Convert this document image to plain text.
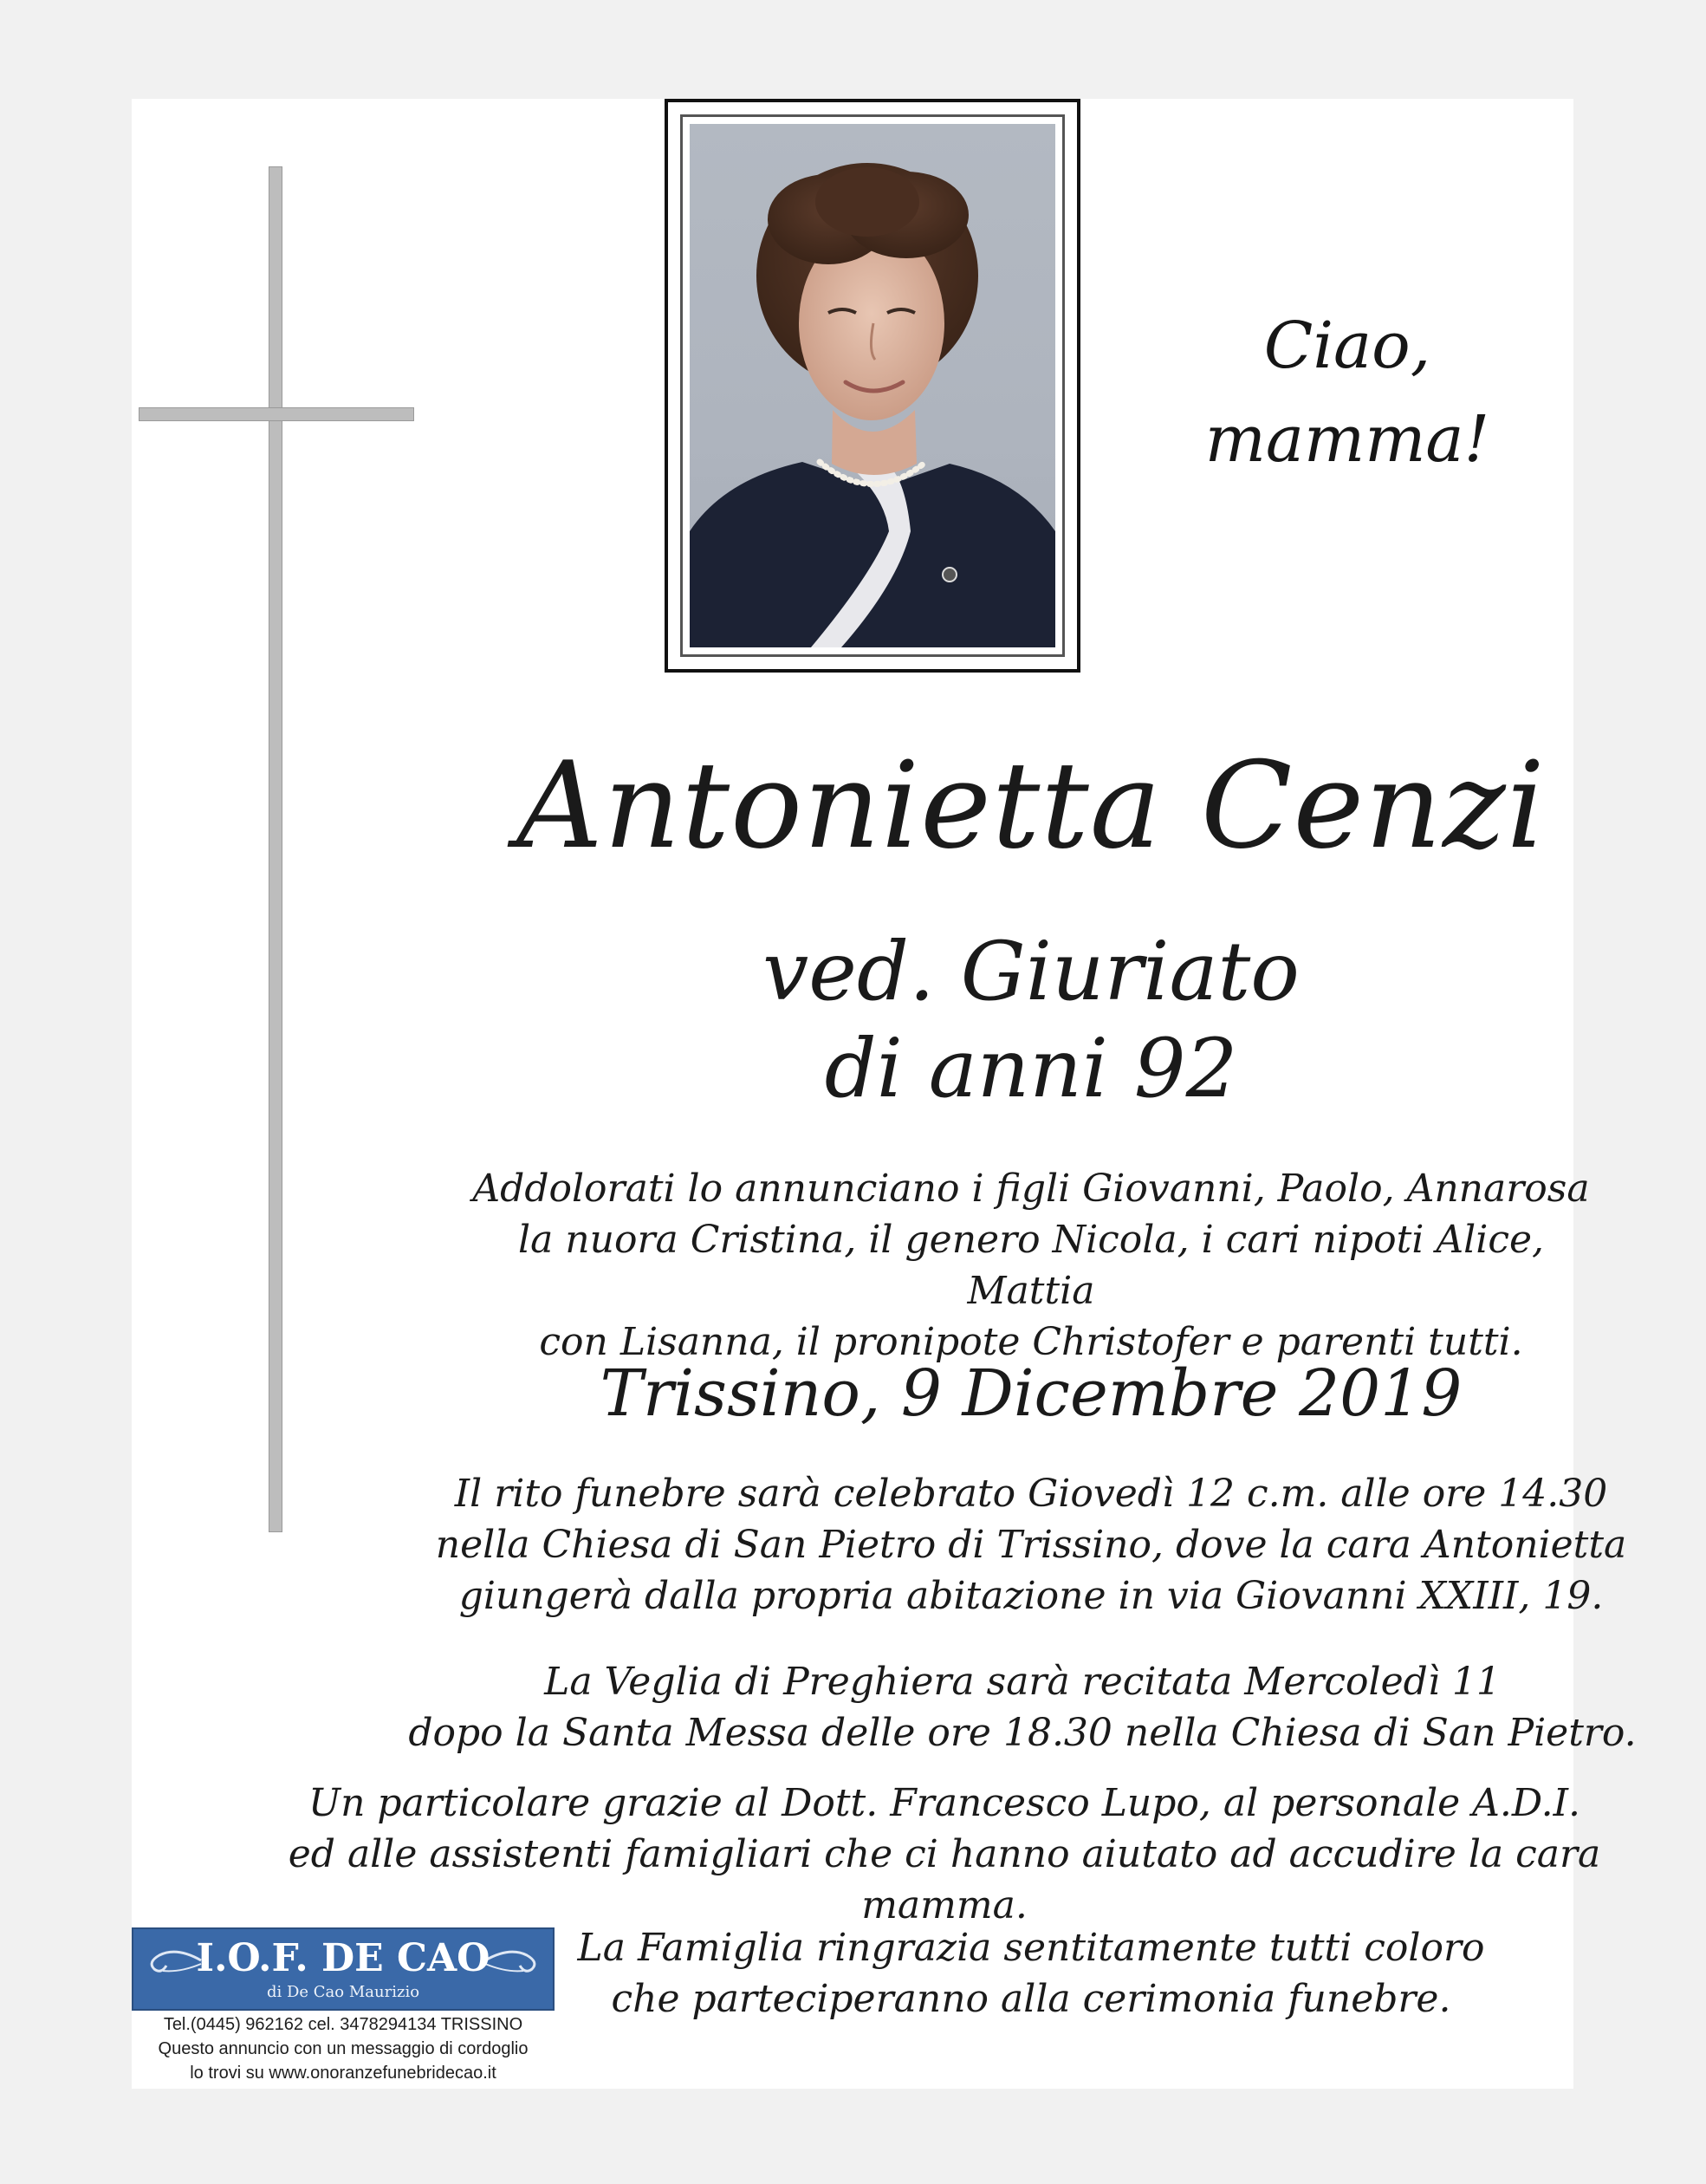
Ciao,
mamma!
Antonietta Cenzi
ved. Giuriato
di anni 92
Addolorati lo annunciano i figli Giovanni, Paolo, Annarosa
la nuora Cristina, il genero Nicola, i cari nipoti Alice, Mattia
con Lisanna, il pronipote Christofer e parenti tutti.
Trissino, 9 Dicembre 2019
Il rito funebre sarà celebrato Giovedì 12 c.m. alle ore 14.30
nella Chiesa di San Pietro di Trissino, dove la cara Antonietta
giungerà dalla propria abitazione in via Giovanni XXIII, 19.
La Veglia di Preghiera sarà recitata Mercoledì 11
dopo la Santa Messa delle ore 18.30 nella Chiesa di San Pietro.
Un particolare grazie al Dott. Francesco Lupo, al personale A.D.I.
ed alle assistenti famigliari che ci hanno aiutato ad accudire la cara mamma.
La Famiglia ringrazia sentitamente tutti coloro
che parteciperanno alla cerimonia funebre.
I.O.F. DE CAO
di De Cao Maurizio
Tel.(0445) 962162 cel. 3478294134 TRISSINO
Questo annuncio con un messaggio di cordoglio
lo trovi su www.onoranzefunebridecao.it
